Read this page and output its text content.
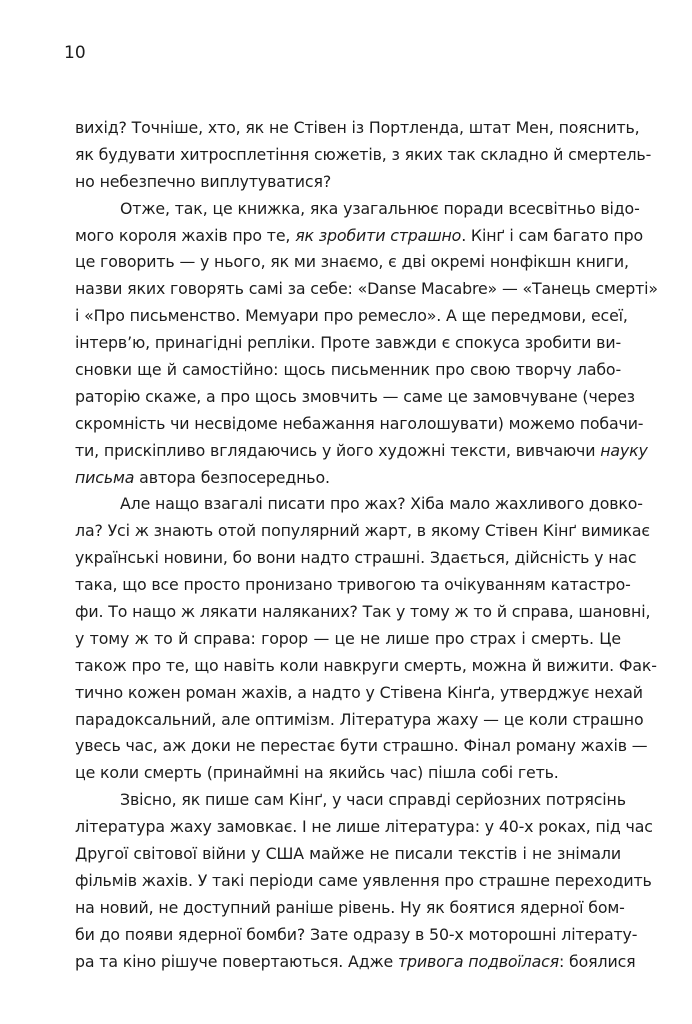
10
вихід? Точніше, хто, як не Стівен із Портленда, штат Мен, пояснить,
як будувати хитросплетіння сюжетів, з яких так складно й смертель-
но небезпечно виплутуватися?
Отже, так, це книжка, яка узагальнює поради всесвітньо відо-
мого короля жахів про те, як зробити страшно. Кінґ і сам багато про
це говорить — у нього, як ми знаємо, є дві окремі нонфікшн книги,
назви яких говорять самі за себе: «Danse Macabre» — «Танець смерті»
і «Про письменство. Мемуари про ремесло». А ще передмови, есеї,
інтерв’ю, принагідні репліки. Проте завжди є спокуса зробити ви-
сновки ще й самостійно: щось письменник про свою творчу лабо-
раторію скаже, а про щось змовчить — саме це замовчуване (через
скромність чи несвідоме небажання наголошувати) можемо побачи-
ти, прискіпливо вглядаючись у його художні тексти, вивчаючи науку
письма автора безпосередньо.
Але нащо взагалі писати про жах? Хіба мало жахливого довко-
ла? Усі ж знають отой популярний жарт, в якому Стівен Кінґ вимикає
українські новини, бо вони надто страшні. Здається, дійсність у нас
така, що все просто пронизано тривогою та очікуванням катастро-
фи. То нащо ж лякати наляканих? Так у тому ж то й справа, шановні,
у тому ж то й справа: горор — це не лише про страх і смерть. Це
також про те, що навіть коли навкруги смерть, можна й вижити. Фак-
тично кожен роман жахів, а надто у Стівена Кінґа, утверджує нехай
парадоксальний, але оптимізм. Література жаху — це коли страшно
увесь час, аж доки не перестає бути страшно. Фінал роману жахів —
це коли смерть (принаймні на якийсь час) пішла собі геть.
Звісно, як пише сам Кінґ, у часи справді серйозних потрясінь
література жаху замовкає. І не лише література: у 40-х роках, під час
Другої світової війни у США майже не писали текстів і не знімали
фільмів жахів. У такі періоди саме уявлення про страшне переходить
на новий, не доступний раніше рівень. Ну як боятися ядерної бом-
би до появи ядерної бомби? Зате одразу в 50-х моторошні літерату-
ра та кіно рішуче повертаються. Адже тривога подвоїлася: боялися
